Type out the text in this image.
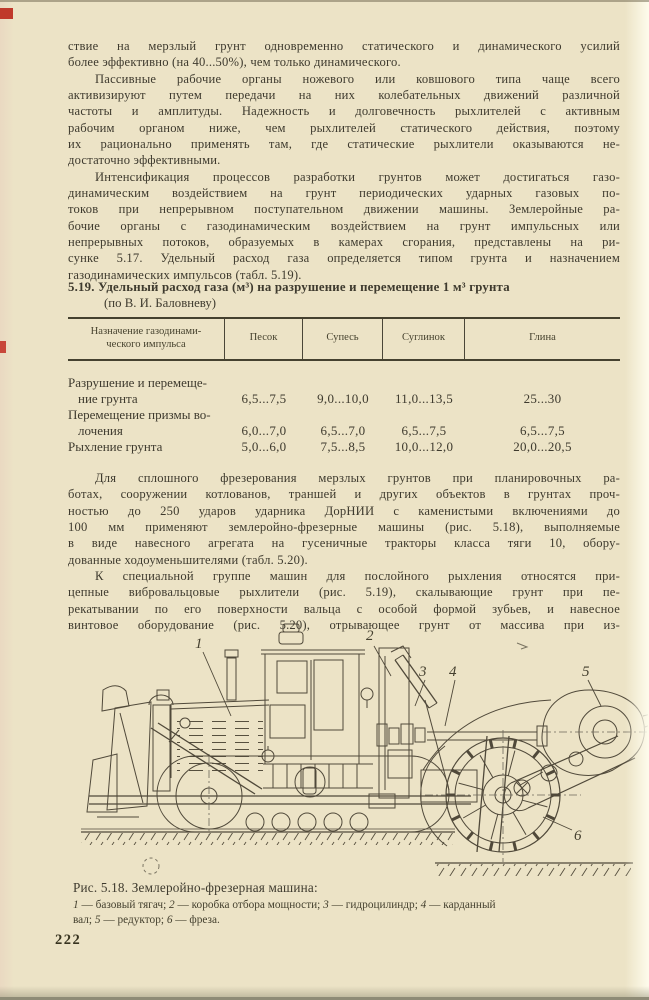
ствие на мерзлый грунт одновременно статического и динамического усилий
более эффективно (на 40...50%), чем только динамического.
Пассивные рабочие органы ножевого или ковшового типа чаще всего
активизируют путем передачи на них колебательных движений различной
частоты и амплитуды. Надежность и долговечность рыхлителей с активным
рабочим органом ниже, чем рыхлителей статического действия, поэтому
их рационально применять там, где статические рыхлители оказываются не-
достаточно эффективными.
Интенсификация процессов разработки грунтов может достигаться газо-
динамическим воздействием на грунт периодических ударных газовых по-
токов при непрерывном поступательном движении машины. Землеройные ра-
бочие органы с газодинамическим воздействием на грунт импульсных или
непрерывных потоков, образуемых в камерах сгорания, представлены на ри-
сунке 5.17. Удельный расход газа определяется типом грунта и назначением
газодинамических импульсов (табл. 5.19).
5.19. Удельный расход газа (м³) на разрушение и перемещение 1 м³ грунта
(по В. И. Баловневу)
Назначение газодинами-
ческого импульса
Песок	Супесь	Суглинок	Глина
Разрушение и перемеще-
ние грунта	6,5...7,5	9,0...10,0	11,0...13,5	25...30
Перемещение призмы во-
лочения	6,0...7,0	6,5...7,0	6,5...7,5	6,5...7,5
Рыхление грунта	5,0...6,0	7,5...8,5	10,0...12,0	20,0...20,5
Для сплошного фрезерования мерзлых грунтов при планировочных ра-
ботах, сооружении котлованов, траншей и других объектов в грунтах проч-
ностью до 250 ударов ударника ДорНИИ с каменистыми включениями до
100 мм применяют землеройно-фрезерные машины (рис. 5.18), выполняемые
в виде навесного агрегата на гусеничные тракторы класса тяги 10, обору-
дованные ходоуменьшителями (табл. 5.20).
К специальной группе машин для послойного рыхления относятся при-
цепные вибровальцовые рыхлители (рис. 5.19), скалывающие грунт при пе-
рекатывании по его поверхности вальца с особой формой зубьев, и навесное
винтовое оборудование (рис. 5.20), отрывающее грунт от массива при из-
1	2
3 4	5
6
Рис. 5.18. Землеройно-фрезерная машина:
1 — базовый тягач; 2 — коробка отбора мощности; 3 — гидроцилиндр; 4 — карданный
вал; 5 — редуктор; 6 — фреза.
222
